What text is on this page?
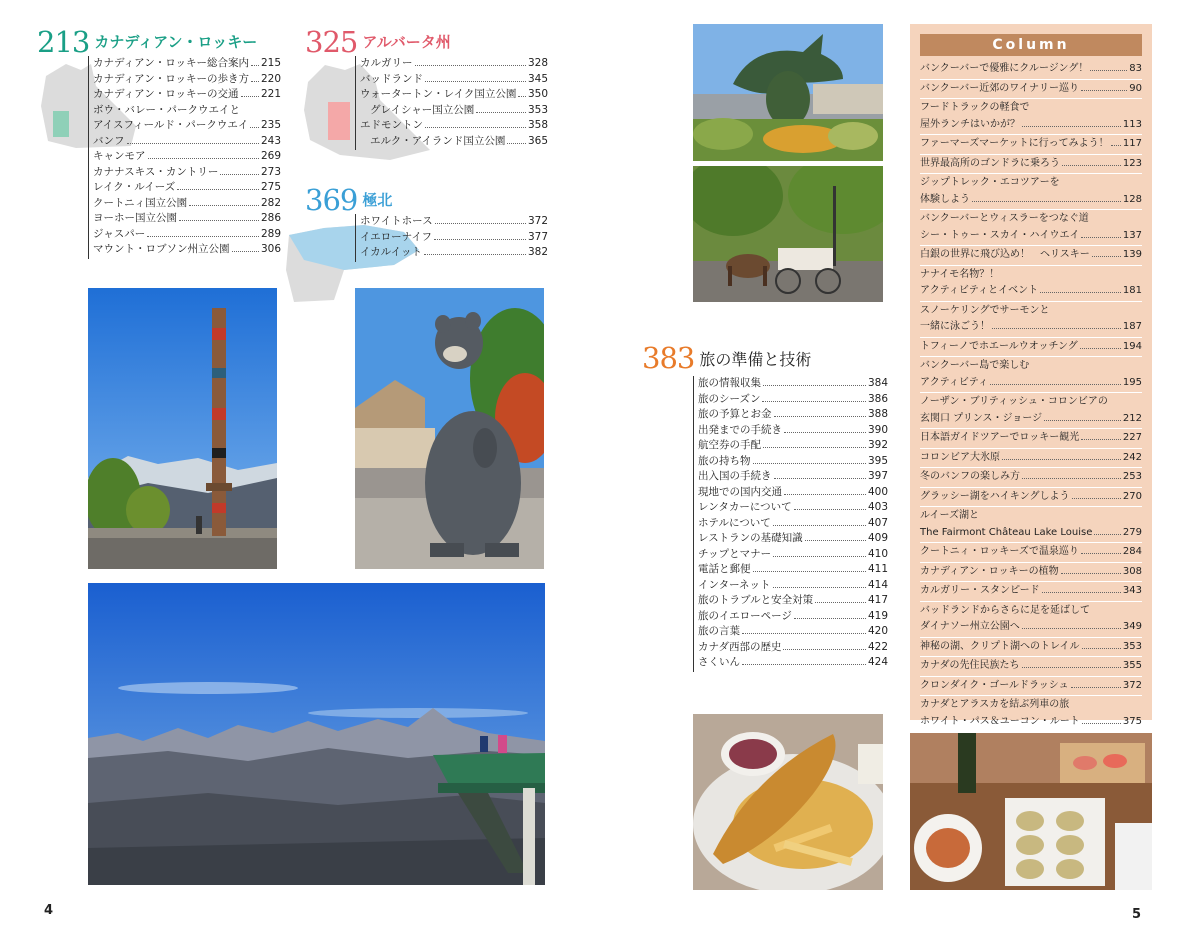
213 カナディアン・ロッキー
カナディアン・ロッキー総合案内 215
カナディアン・ロッキーの歩き方 220
カナディアン・ロッキーの交通 221
ボウ・バレー・パークウエイと
アイスフィールド・パークウエイ 235
バンフ	243
キャンモア	269
カナナスキス・カントリー	273
レイク・ルイーズ	275
クートニィ国立公園	282
ヨーホー国立公園	286
ジャスパー	289
マウント・ロブソン州立公園	306
325 アルバータ州
カルガリー	328
バッドランド	345
ウォータートン・レイク国立公園 350
グレイシャー国立公園	353
エドモントン	358
エルク・アイランド国立公園 365
369 極北
ホワイトホース	372
イエローナイフ	377
イカルイット	382
4
383 旅の準備と技術
旅の情報収集	384
旅のシーズン	386
旅の予算とお金	388
出発までの手続き	390
航空券の手配	392
旅の持ち物	395
出入国の手続き	397
現地での国内交通	400
レンタカーについて	403
ホテルについて	407
レストランの基礎知識	409
チップとマナー	410
電話と郵便	411
インターネット	414
旅のトラブルと安全対策	417
旅のイエローページ	419
旅の言葉	420
カナダ西部の歴史	422
さくいん	424
Column
バンクーバーで優雅にクルージング！	83
バンクーバー近郊のワイナリー巡り	90
フードトラックの軽食で
屋外ランチはいかが？	113
ファーマーズマーケットに行ってみよう！ 117
世界最高所のゴンドラに乗ろう	123
ジップトレック・エコツアーを
体験しよう	128
バンクーバーとウィスラーをつなぐ道
シー・トゥー・スカイ・ハイウエイ	137
白銀の世界に飛び込め！　ヘリスキー	139
ナナイモ名物？！
アクティビティとイベント	181
スノーケリングでサーモンと
一緒に泳ごう！	187
トフィーノでホエールウオッチング	194
バンクーバー島で楽しむ
アクティビティ	195
ノーザン・ブリティッシュ・コロンビアの
玄関口 プリンス・ジョージ	212
日本語ガイドツアーでロッキー観光	227
コロンビア大氷原	242
冬のバンフの楽しみ方	253
グラッシー湖をハイキングしよう	270
ルイーズ湖と
The Fairmont Château Lake Louise	279
クートニィ・ロッキーズで温泉巡り	284
カナディアン・ロッキーの植物	308
カルガリー・スタンピード	343
バッドランドからさらに足を延ばして
ダイナソー州立公園へ	349
神秘の湖、クリプト湖へのトレイル	353
カナダの先住民族たち	355
クロンダイク・ゴールドラッシュ	372
カナダとアラスカを結ぶ列車の旅
ホワイト・パス＆ユーコン・ルート	375
5
